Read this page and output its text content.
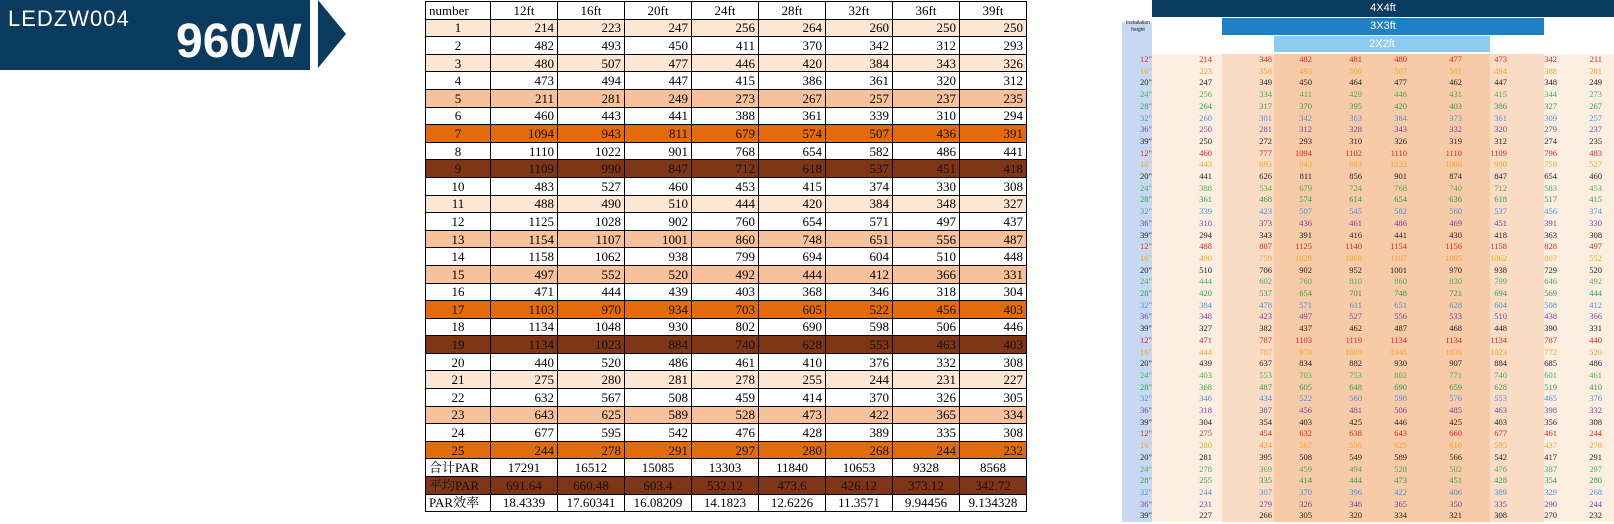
LEDZW004 960W
number	12ft	16ft	20ft	24ft	28ft	32ft	36ft	39ft
1	214	223	247	256	264	260	250	250
2	482	493	450	411	370	342	312	293
3	480	507	477	446	420	384	343	326
4	473	494	447	415	386	361	320	312
5	211	281	249	273	267	257	237	235
6	460	443	441	388	361	339	310	294
7	1094	943	811	679	574	507	436	391
8	1110	1022	901	768	654	582	486	441
9	1109	990	847	712	618	537	451	418
10	483	527	460	453	415	374	330	308
11	488	490	510	444	420	384	348	327
12	1125	1028	902	760	654	571	497	437
13	1154	1107	1001	860	748	651	556	487
14	1158	1062	938	799	694	604	510	448
15	497	552	520	492	444	412	366	331
16	471	444	439	403	368	346	318	304
17	1103	970	934	703	605	522	456	403
18	1134	1048	930	802	690	598	506	446
19	1134	1023	884	740	628	553	463	403
20	440	520	486	461	410	376	332	308
21	275	280	281	278	255	244	231	227
22	632	567	508	459	414	370	326	305
23	643	625	589	528	473	422	365	334
24	677	595	542	476	428	389	335	308
25	244	278	291	297	280	268	244	232
合计PAR	17291	16512	15085	13303	11840	10653	9328	8568
平均PAR	691.64	660.48	603.4	532.12	473.6	426.12	373.12	342.72
PAR效率	18.4339	17.60341	16.08209	14.1823	12.6226	11.3571	9.94456	9.134328
Installation height
4X4ft
3X3ft
2X2ft
12"	214	348	482	481	480	477	473	342	211
16"	223	358	493	500	507	501	494	388	281
20"	247	349	450	464	477	462	447	348	249
24"	256	334	411	429	446	431	415	344	273
28"	264	317	370	395	420	403	386	327	267
32"	260	301	342	363	384	373	361	309	257
36"	250	281	312	328	343	332	320	279	237
39"	250	272	293	310	326	319	312	274	235
12"	460	777	1094	1102	1110	1110	1109	796	483
16"	443	693	943	983	1022	1006	990	759	527
20"	441	626	811	856	901	874	847	654	460
24"	388	534	679	724	768	740	712	583	453
28"	361	468	574	614	654	636	618	517	415
32"	339	423	507	545	582	560	537	456	374
36"	310	373	436	461	486	469	451	391	330
39"	294	343	391	416	441	430	418	363	308
12"	488	807	1125	1140	1154	1156	1158	828	497
16"	490	759	1028	1068	1107	1085	1062	807	552
20"	510	706	902	952	1001	970	938	729	520
24"	444	602	760	810	860	830	799	646	492
28"	420	537	654	701	748	721	694	569	444
32"	384	478	571	611	651	628	604	508	412
36"	348	423	497	527	556	533	510	438	366
39"	327	382	437	462	487	468	448	390	331
12"	471	787	1103	1119	1134	1134	1134	787	440
16"	444	707	970	1009	1048	1036	1023	772	520
20"	439	637	834	882	930	907	884	685	486
24"	403	553	703	753	802	771	740	601	461
28"	368	487	605	648	690	659	628	519	410
32"	346	434	522	560	598	576	553	465	376
36"	318	387	456	481	506	485	463	398	332
39"	304	354	403	425	446	425	403	356	308
12"	275	454	632	638	643	660	677	461	244
16"	280	424	567	596	625	610	595	437	278
20"	281	395	508	549	589	566	542	417	291
24"	278	369	459	494	528	502	476	387	297
28"	255	335	414	444	473	451	428	354	280
32"	244	307	370	396	422	406	389	329	268
36"	231	279	326	346	365	350	335	290	244
39"	227	266	305	320	334	321	308	270	232
